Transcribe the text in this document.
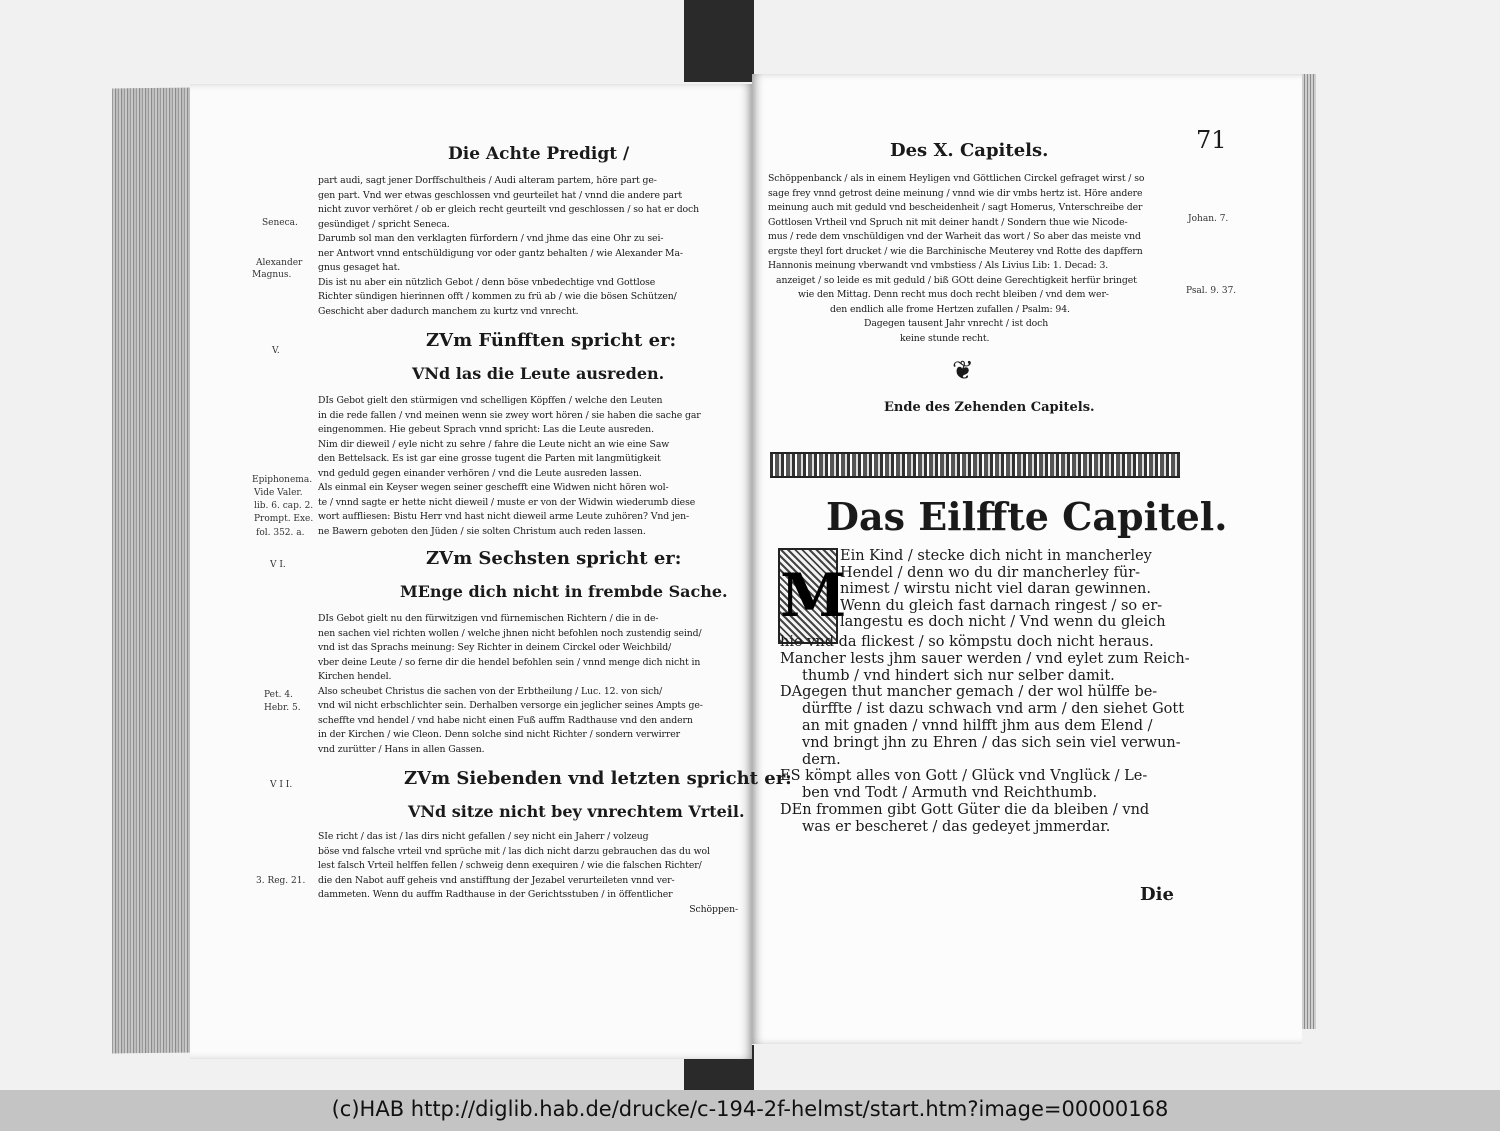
Die Achte Predigt /
part audi, sagt jener Dorffschultheis / Audi alteram partem, höre part ge-
gen part. Vnd wer etwas geschlossen vnd geurteilet hat / vnnd die andere part
nicht zuvor verhöret / ob er gleich recht geurteilt vnd geschlossen / so hat er doch
gesündiget / spricht Seneca.
Darumb sol man den verklagten fürfordern / vnd jhme das eine Ohr zu sei-
ner Antwort vnnd entschüldigung vor oder gantz behalten / wie Alexander Ma-
gnus gesaget hat.
Dis ist nu aber ein nützlich Gebot / denn böse vnbedechtige vnd Gottlose
Richter sündigen hierinnen offt / kommen zu frü ab / wie die bösen Schützen/
Geschicht aber dadurch manchem zu kurtz vnd vnrecht.
Seneca.
Alexander
Magnus.
V.	ZVm Fünfften spricht er:
VNd las die Leute ausreden.
DIs Gebot gielt den stürmigen vnd schelligen Köpffen / welche den Leuten
in die rede fallen / vnd meinen wenn sie zwey wort hören / sie haben die sache gar
eingenommen. Hie gebeut Sprach vnnd spricht: Las die Leute ausreden.
Nim dir dieweil / eyle nicht zu sehre / fahre die Leute nicht an wie eine Saw
den Bettelsack. Es ist gar eine grosse tugent die Parten mit langmütigkeit
vnd geduld gegen einander verhören / vnd die Leute ausreden lassen.
Als einmal ein Keyser wegen seiner geschefft eine Widwen nicht hören wol-
te / vnnd sagte er hette nicht dieweil / muste er von der Widwin wiederumb diese
wort auffliesen: Bistu Herr vnd hast nicht dieweil arme Leute zuhören? Vnd jen-
ne Bawern geboten den Jüden / sie solten Christum auch reden lassen.
Epiphonema.
Vide Valer.
lib. 6. cap. 2.
Prompt. Exe.
fol. 352. a.
V I.	ZVm Sechsten spricht er:
MEnge dich nicht in frembde Sache.
DIs Gebot gielt nu den fürwitzigen vnd fürnemischen Richtern / die in de-
nen sachen viel richten wollen / welche jhnen nicht befohlen noch zustendig seind/
vnd ist das Sprachs meinung: Sey Richter in deinem Circkel oder Weichbild/
vber deine Leute / so ferne dir die hendel befohlen sein / vnnd menge dich nicht in
Kirchen hendel.
Also scheubet Christus die sachen von der Erbtheilung / Luc. 12. von sich/
vnd wil nicht erbschlichter sein. Derhalben versorge ein jeglicher seines Ampts ge-
scheffte vnd hendel / vnd habe nicht einen Fuß auffm Radthause vnd den andern
in der Kirchen / wie Cleon. Denn solche sind nicht Richter / sondern verwirrer
vnd zurütter / Hans in allen Gassen.
Pet. 4.
Hebr. 5.
V I I.	ZVm Siebenden vnd letzten spricht er:
VNd sitze nicht bey vnrechtem Vrteil.
SIe richt / das ist / las dirs nicht gefallen / sey nicht ein Jaherr / volzeug
böse vnd falsche vrteil vnd sprüche mit / las dich nicht darzu gebrauchen das du wol
lest falsch Vrteil helffen fellen / schweig denn exequiren / wie die falschen Richter/
die den Nabot auff geheis vnd anstifftung der Jezabel verurteileten vnnd ver-
dammeten. Wenn du auffm Radthause in der Gerichtsstuben / in öffentlicher
Schöppen-
3. Reg. 21.
Des X. Capitels.	71
Schöppenbanck / als in einem Heyligen vnd Göttlichen Circkel gefraget wirst / so
sage frey vnnd getrost deine meinung / vnnd wie dir vmbs hertz ist. Höre andere
meinung auch mit geduld vnd bescheidenheit / sagt Homerus, Vnterschreibe der
Gottlosen Vrtheil vnd Spruch nit mit deiner handt / Sondern thue wie Nicode-
mus / rede dem vnschüldigen vnd der Warheit das wort / So aber das meiste vnd
ergste theyl fort drucket / wie die Barchinische Meuterey vnd Rotte des dapffern
Hannonis meinung vberwandt vnd vmbstiess / Als Livius Lib: 1. Decad: 3.
anzeiget / so leide es mit geduld / biß GOtt deine Gerechtigkeit herfür bringet
wie den Mittag. Denn recht mus doch recht bleiben / vnd dem wer-
den endlich alle frome Hertzen zufallen / Psalm: 94.
Dagegen tausent Jahr vnrecht / ist doch
keine stunde recht.
Johan. 7.
Psal. 9. 37.
❦
Ende des Zehenden Capitels.
Das Eilffte Capitel.
M
Ein Kind / stecke dich nicht in mancherley
Hendel / denn wo du dir mancherley für-
nimest / wirstu nicht viel daran gewinnen.
Wenn du gleich fast darnach ringest / so er-
langestu es doch nicht / Vnd wenn du gleich
hie vnd da flickest / so kömpstu doch nicht heraus.
Mancher lests jhm sauer werden / vnd eylet zum Reich-
thumb / vnd hindert sich nur selber damit.
DAgegen thut mancher gemach / der wol hülffe be-
dürffte / ist dazu schwach vnd arm / den siehet Gott
an mit gnaden / vnnd hilfft jhm aus dem Elend /
vnd bringt jhn zu Ehren / das sich sein viel verwun-
dern.
ES kömpt alles von Gott / Glück vnd Vnglück / Le-
ben vnd Todt / Armuth vnd Reichthumb.
DEn frommen gibt Gott Güter die da bleiben / vnd
was er bescheret / das gedeyet jmmerdar.
Die
(c)HAB http://diglib.hab.de/drucke/c-194-2f-helmst/start.htm?image=00000168
